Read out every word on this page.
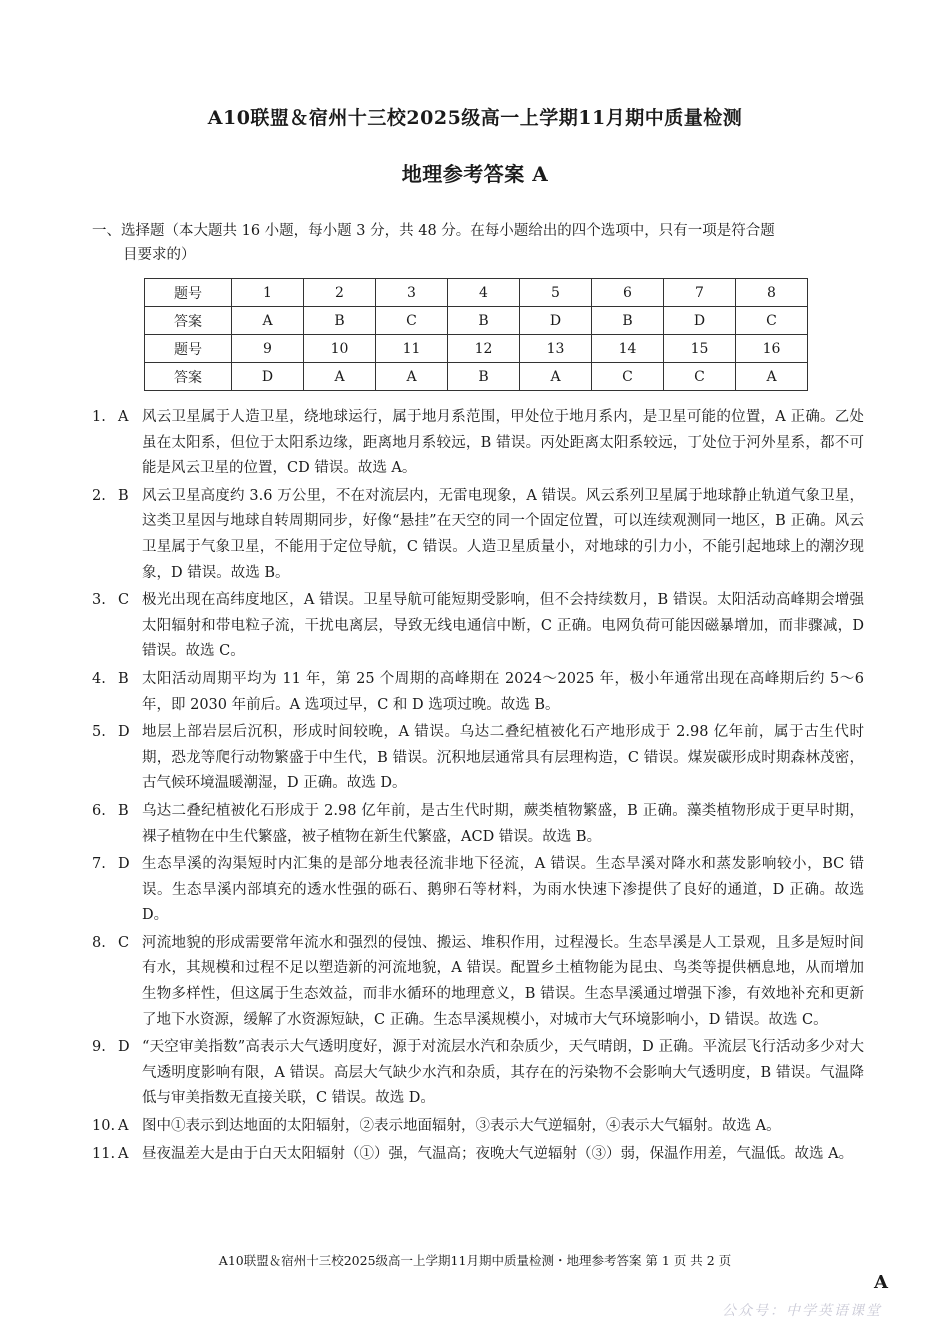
A10联盟＆宿州十三校2025级高一上学期11月期中质量检测
地理参考答案 A
一、选择题（本大题共 16 小题，每小题 3 分，共 48 分。在每小题给出的四个选项中，只有一项是符合题
目要求的）
题号	1	2	3	4	5	6	7	8
答案	A	B	C	B	D	B	D	C
题号	9	10	11	12	13	14	15	16
答案	D	A	A	B	A	C	C	A
1. A 风云卫星属于人造卫星，绕地球运行，属于地月系范围，甲处位于地月系内，是卫星可能的位置，A 正确。乙处虽在太阳系，但位于太阳系边缘，距离地月系较远，B 错误。丙处距离太阳系较远，丁处位于河外星系，都不可能是风云卫星的位置，CD 错误。故选 A。
2. B 风云卫星高度约 3.6 万公里，不在对流层内，无雷电现象，A 错误。风云系列卫星属于地球静止轨道气象卫星，这类卫星因与地球自转周期同步，好像“悬挂”在天空的同一个固定位置，可以连续观测同一地区，B 正确。风云卫星属于气象卫星，不能用于定位导航，C 错误。人造卫星质量小，对地球的引力小，不能引起地球上的潮汐现象，D 错误。故选 B。
3. C 极光出现在高纬度地区，A 错误。卫星导航可能短期受影响，但不会持续数月，B 错误。太阳活动高峰期会增强太阳辐射和带电粒子流，干扰电离层，导致无线电通信中断，C 正确。电网负荷可能因磁暴增加，而非骤减，D 错误。故选 C。
4. B 太阳活动周期平均为 11 年，第 25 个周期的高峰期在 2024～2025 年，极小年通常出现在高峰期后约 5～6 年，即 2030 年前后。A 选项过早，C 和 D 选项过晚。故选 B。
5. D 地层上部岩层后沉积，形成时间较晚，A 错误。乌达二叠纪植被化石产地形成于 2.98 亿年前，属于古生代时期，恐龙等爬行动物繁盛于中生代，B 错误。沉积地层通常具有层理构造，C 错误。煤炭碳形成时期森林茂密，古气候环境温暖潮湿，D 正确。故选 D。
6. B 乌达二叠纪植被化石形成于 2.98 亿年前，是古生代时期，蕨类植物繁盛，B 正确。藻类植物形成于更早时期，裸子植物在中生代繁盛，被子植物在新生代繁盛，ACD 错误。故选 B。
7. D 生态旱溪的沟渠短时内汇集的是部分地表径流非地下径流，A 错误。生态旱溪对降水和蒸发影响较小，BC 错误。生态旱溪内部填充的透水性强的砾石、鹅卵石等材料，为雨水快速下渗提供了良好的通道，D 正确。故选 D。
8. C 河流地貌的形成需要常年流水和强烈的侵蚀、搬运、堆积作用，过程漫长。生态旱溪是人工景观，且多是短时间有水，其规模和过程不足以塑造新的河流地貌，A 错误。配置乡土植物能为昆虫、鸟类等提供栖息地，从而增加生物多样性，但这属于生态效益，而非水循环的地理意义，B 错误。生态旱溪通过增强下渗，有效地补充和更新了地下水资源，缓解了水资源短缺，C 正确。生态旱溪规模小，对城市大气环境影响小，D 错误。故选 C。
9. D “天空审美指数”高表示大气透明度好，源于对流层水汽和杂质少，天气晴朗，D 正确。平流层飞行活动多少对大气透明度影响有限，A 错误。高层大气缺少水汽和杂质，其存在的污染物不会影响大气透明度，B 错误。气温降低与审美指数无直接关联，C 错误。故选 D。
10. A 图中①表示到达地面的太阳辐射，②表示地面辐射，③表示大气逆辐射，④表示大气辐射。故选 A。
11. A 昼夜温差大是由于白天太阳辐射（①）强，气温高；夜晚大气逆辐射（③）弱，保温作用差，气温低。故选 A。
A10联盟＆宿州十三校2025级高一上学期11月期中质量检测・地理参考答案 第 1 页 共 2 页
A
公众号：中学英语课堂
